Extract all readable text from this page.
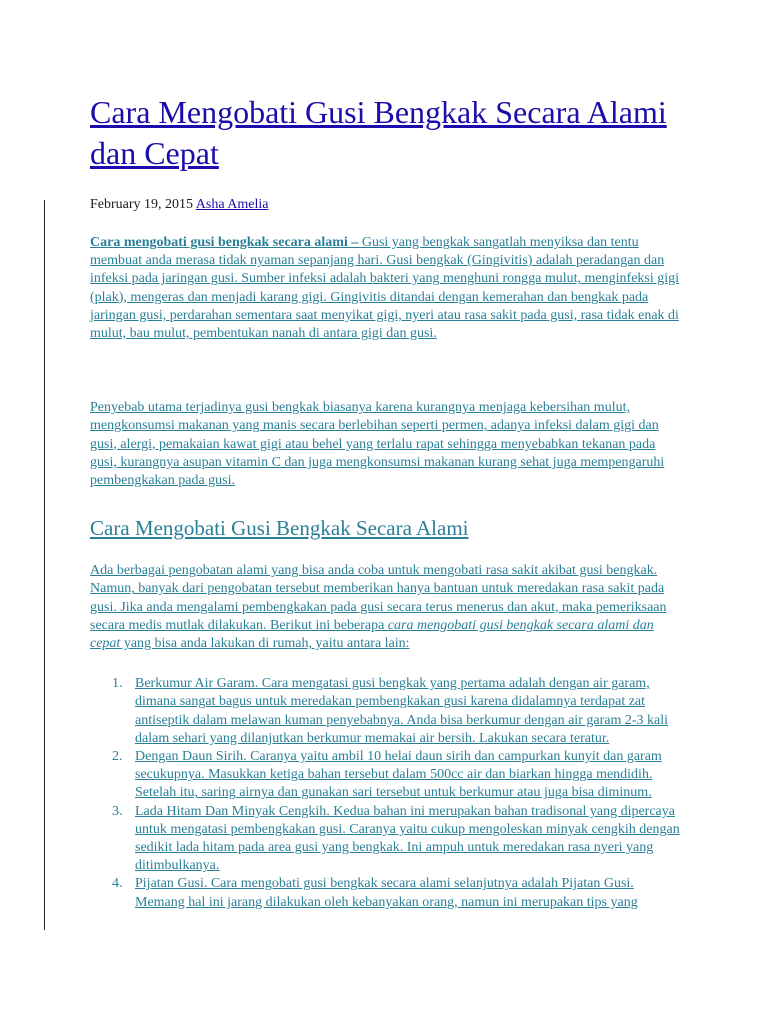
Cara Mengobati Gusi Bengkak Secara Alami dan Cepat
February 19, 2015 Asha Amelia

Cara mengobati gusi bengkak secara alami – Gusi yang bengkak sangatlah menyiksa dan tentu membuat anda merasa tidak nyaman sepanjang hari. Gusi bengkak (Gingivitis) adalah peradangan dan infeksi pada jaringan gusi. Sumber infeksi adalah bakteri yang menghuni rongga mulut, menginfeksi gigi (plak), mengeras dan menjadi karang gigi. Gingivitis ditandai dengan kemerahan dan bengkak pada jaringan gusi, perdarahan sementara saat menyikat gigi, nyeri atau rasa sakit pada gusi, rasa tidak enak di mulut, bau mulut, pembentukan nanah di antara gigi dan gusi.

Penyebab utama terjadinya gusi bengkak biasanya karena kurangnya menjaga kebersihan mulut, mengkonsumsi makanan yang manis secara berlebihan seperti permen, adanya infeksi dalam gigi dan gusi, alergi, pemakaian kawat gigi atau behel yang terlalu rapat sehingga menyebabkan tekanan pada gusi, kurangnya asupan vitamin C dan juga mengkonsumsi makanan kurang sehat juga mempengaruhi pembengkakan pada gusi.

Cara Mengobati Gusi Bengkak Secara Alami

Ada berbagai pengobatan alami yang bisa anda coba untuk mengobati rasa sakit akibat gusi bengkak. Namun, banyak dari pengobatan tersebut memberikan hanya bantuan untuk meredakan rasa sakit pada gusi. Jika anda mengalami pembengkakan pada gusi secara terus menerus dan akut, maka pemeriksaan secara medis mutlak dilakukan. Berikut ini beberapa cara mengobati gusi bengkak secara alami dan cepat yang bisa anda lakukan di rumah, yaitu antara lain:

1. Berkumur Air Garam. Cara mengatasi gusi bengkak yang pertama adalah dengan air garam, dimana sangat bagus untuk meredakan pembengkakan gusi karena didalamnya terdapat zat antiseptik dalam melawan kuman penyebabnya. Anda bisa berkumur dengan air garam 2-3 kali dalam sehari yang dilanjutkan berkumur memakai air bersih. Lakukan secara teratur.
2. Dengan Daun Sirih. Caranya yaitu ambil 10 helai daun sirih dan campurkan kunyit dan garam secukupnya. Masukkan ketiga bahan tersebut dalam 500cc air dan biarkan hingga mendidih. Setelah itu, saring airnya dan gunakan sari tersebut untuk berkumur atau juga bisa diminum.
3. Lada Hitam Dan Minyak Cengkih. Kedua bahan ini merupakan bahan tradisonal yang dipercaya untuk mengatasi pembengkakan gusi. Caranya yaitu cukup mengoleskan minyak cengkih dengan sedikit lada hitam pada area gusi yang bengkak. Ini ampuh untuk meredakan rasa nyeri yang ditimbulkanya.
4. Pijatan Gusi. Cara mengobati gusi bengkak secara alami selanjutnya adalah Pijatan Gusi. Memang hal ini jarang dilakukan oleh kebanyakan orang, namun ini merupakan tips yang
